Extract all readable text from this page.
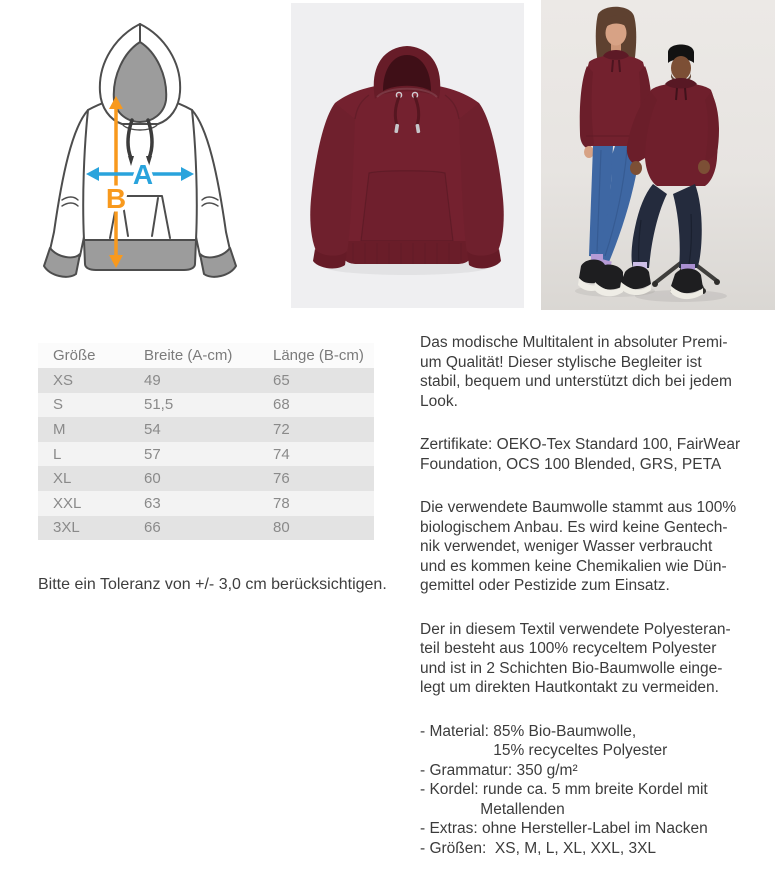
A
B
Größe	Breite (A-cm)	Länge (B-cm)
XS	49	65
S	51,5	68
M	54	72
L	57	74
XL	60	76
XXL	63	78
3XL	66	80

Bitte ein Toleranz von +/- 3,0 cm berücksichtigen.

Das modische Multitalent in absoluter Premi-
um Qualität! Dieser stylische Begleiter ist
stabil, bequem und unterstützt dich bei jedem
Look.
Zertifikate: OEKO-Tex Standard 100, FairWear
Foundation, OCS 100 Blended, GRS, PETA
Die verwendete Baumwolle stammt aus 100%
biologischem Anbau. Es wird keine Gentech-
nik verwendet, weniger Wasser verbraucht
und es kommen keine Chemikalien wie Dün-
gemittel oder Pestizide zum Einsatz.
Der in diesem Textil verwendete Polyesteran-
teil besteht aus 100% recyceltem Polyester
und ist in 2 Schichten Bio-Baumwolle einge-
legt um direkten Hautkontakt zu vermeiden.
- Material: 85% Bio-Baumwolle,
15% recyceltes Polyester
- Grammatur: 350 g/m²
- Kordel: runde ca. 5 mm breite Kordel mit
Metallenden
- Extras: ohne Hersteller-Label im Nacken
- Größen:  XS, M, L, XL, XXL, 3XL
